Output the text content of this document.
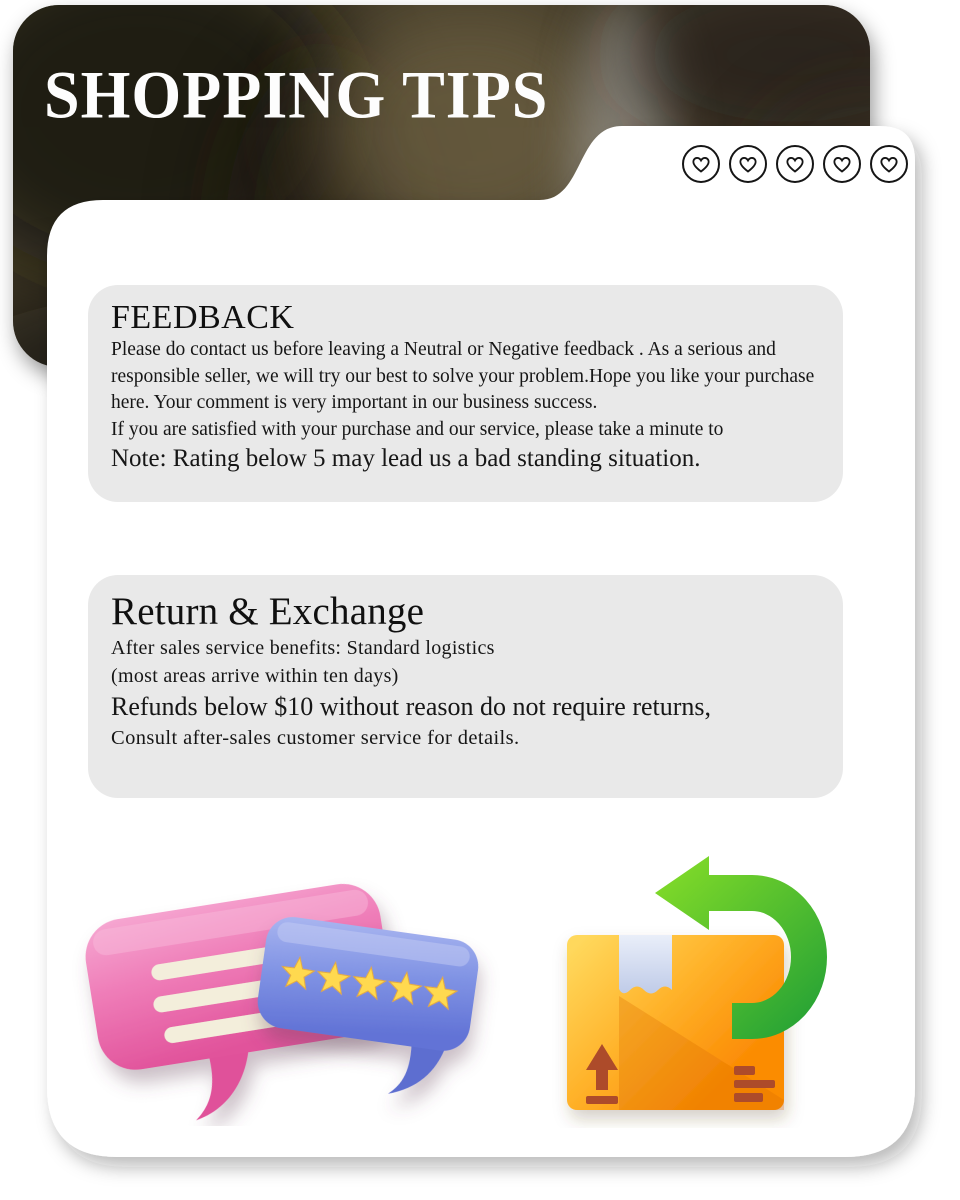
SHOPPING TIPS
FEEDBACK

Please do contact us before leaving a Neutral or Negative feedback . As a serious and responsible seller, we will try our best to solve your problem.Hope you like your purchase here. Your comment is very important in our business success.

If you are satisfied with your purchase and our service, please take a minute to

Note: Rating below 5 may lead us a bad standing situation.

Return & Exchange

After sales service benefits: Standard logistics

(most areas arrive within ten days)

Refunds below $10 without reason do not require returns,

Consult after-sales customer service for details.
